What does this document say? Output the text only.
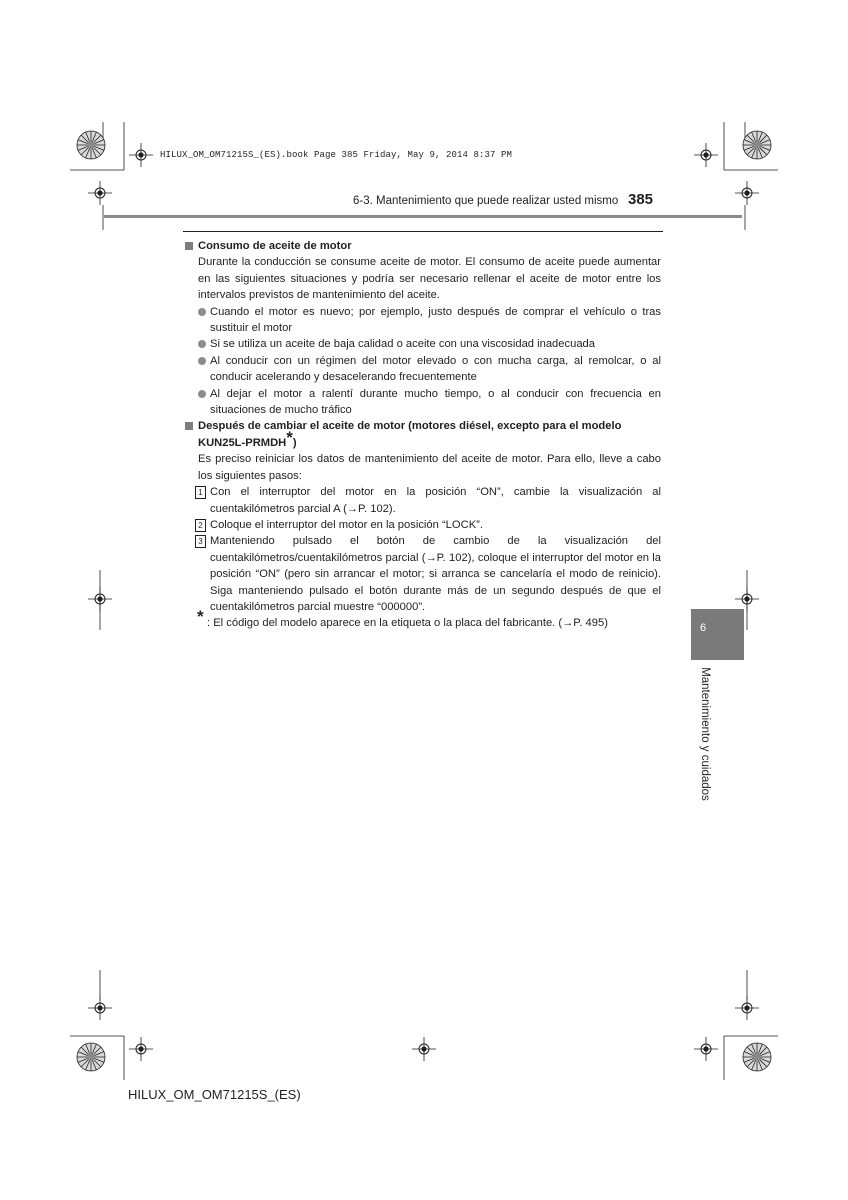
HILUX_OM_OM71215S_(ES).book Page 385 Friday, May 9, 2014 8:37 PM
6-3. Mantenimiento que puede realizar usted mismo 385

Consumo de aceite de motor

Durante la conducción se consume aceite de motor. El consumo de aceite puede aumentar en las siguientes situaciones y podría ser necesario rellenar el aceite de motor entre los intervalos previstos de mantenimiento del aceite.

Cuando el motor es nuevo; por ejemplo, justo después de comprar el vehículo o tras sustituir el motor

Si se utiliza un aceite de baja calidad o aceite con una viscosidad inadecuada

Al conducir con un régimen del motor elevado o con mucha carga, al remolcar, o al conducir acelerando y desacelerando frecuentemente

Al dejar el motor a ralentí durante mucho tiempo, o al conducir con frecuencia en situaciones de mucho tráfico

Después de cambiar el aceite de motor (motores diésel, excepto para el modelo KUN25L-PRMDH*)

Es preciso reiniciar los datos de mantenimiento del aceite de motor. Para ello, lleve a cabo los siguientes pasos:

1 Con el interruptor del motor en la posición “ON”, cambie la visualización al cuentakilómetros parcial A (→P. 102).

2 Coloque el interruptor del motor en la posición “LOCK”.

3 Manteniendo pulsado el botón de cambio de la visualización del cuentakilómetros/cuentakilómetros parcial (→P. 102), coloque el interruptor del motor en la posición “ON” (pero sin arrancar el motor; si arranca se cancelaría el modo de reinicio). Siga manteniendo pulsado el botón durante más de un segundo después de que el cuentakilómetros parcial muestre “000000”.

* : El código del modelo aparece en la etiqueta o la placa del fabricante. (→P. 495)	6
Mantenimiento y cuidados
HILUX_OM_OM71215S_(ES)
